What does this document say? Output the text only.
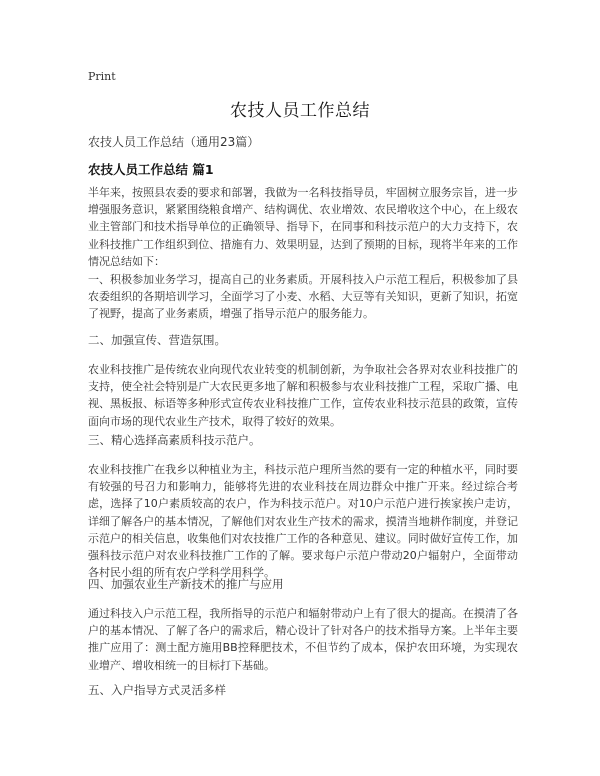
Print
农技人员工作总结
农技人员工作总结（通用23篇）
农技人员工作总结 篇1

半年来，按照县农委的要求和部署，我做为一名科技指导员，牢固树立服务宗旨，进一步增强服务意识，紧紧围绕粮食增产、结构调优、农业增效、农民增收这个中心，在上级农业主管部门和技术指导单位的正确领导、指导下，在同事和科技示范户的大力支持下，农业科技推广工作组织到位、措施有力、效果明显，达到了预期的目标，现将半年来的工作情况总结如下：

一、积极参加业务学习，提高自己的业务素质。开展科技入户示范工程后，积极参加了县农委组织的各期培训学习，全面学习了小麦、水稻、大豆等有关知识，更新了知识，拓宽了视野，提高了业务素质，增强了指导示范户的服务能力。

二、加强宣传、营造氛围。

农业科技推广是传统农业向现代农业转变的机制创新，为争取社会各界对农业科技推广的支持，使全社会特别是广大农民更多地了解和积极参与农业科技推广工程，采取广播、电视、黑板报、标语等多种形式宣传农业科技推广工作，宣传农业科技示范县的政策，宣传面向市场的现代农业生产技术，取得了较好的效果。

三、精心选择高素质科技示范户。

农业科技推广在我乡以种植业为主，科技示范户理所当然的要有一定的种植水平，同时要有较强的号召力和影响力，能够将先进的农业科技在周边群众中推广开来。经过综合考虑，选择了10户素质较高的农户，作为科技示范户。对10户示范户进行挨家挨户走访，详细了解各户的基本情况，了解他们对农业生产技术的需求，摸清当地耕作制度，并登记示范户的相关信息，收集他们对农技推广工作的各种意见、建议。同时做好宣传工作，加强科技示范户对农业科技推广工作的了解。要求每户示范户带动20户辐射户，全面带动各村民小组的所有农户学科学用科学。

四、加强农业生产新技术的推广与应用

通过科技入户示范工程，我所指导的示范户和辐射带动户上有了很大的提高。在摸清了各户的基本情况、了解了各户的需求后，精心设计了针对各户的技术指导方案。上半年主要推广应用了：测土配方施用BB控释肥技术，不但节约了成本，保护农田环境，为实现农业增产、增收相统一的目标打下基础。

五、入户指导方式灵活多样
